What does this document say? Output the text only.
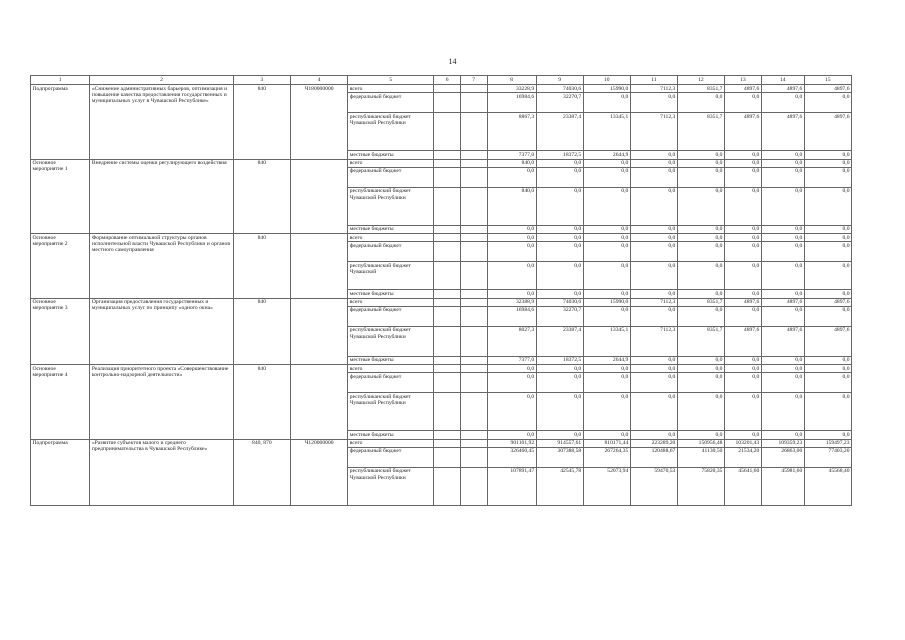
14
1	2	3	4	5	6	7	8	9	10	11	12	13	14	15
Подпрограмма	«Снижение административных барьеров, оптимизация и повышение качества предоставления государственных и муниципальных услуг в Чувашской Республике»	840	Ч180000000	всего			33228,9	74030,6	15990,0	7112,3	8351,7	4897,6	4897,6	4897,6
				федеральный бюджет			16984,6	32270,7	0,0	0,0	0,0	0,0	0,0	0,0
				республиканский бюджет Чувашской Республики			8867,3	23387,4	13345,1	7112,3	8351,7	4897,6	4897,6	4897,6
				местные бюджеты			7377,0	18372,5	2644,9	0,0	0,0	0,0	0,0	0,0
Основное мероприятие 1	Внедрение системы оценки регулирующего воздействия	840		всего			840,0	0,0	0,0	0,0	0,0	0,0	0,0	0,0
				федеральный бюджет			0,0	0,0	0,0	0,0	0,0	0,0	0,0	0,0
				республиканский бюджет Чувашской Республики			840,0	0,0	0,0	0,0	0,0	0,0	0,0	0,0
				местные бюджеты			0,0	0,0	0,0	0,0	0,0	0,0	0,0	0,0
Основное мероприятие 2	Формирование оптимальной структуры органов исполнительной власти Чувашской Республики и органов местного самоуправления	840		всего			0,0	0,0	0,0	0,0	0,0	0,0	0,0	0,0
				федеральный бюджет			0,0	0,0	0,0	0,0	0,0	0,0	0,0	0,0
				республиканский бюджет Чувашской			0,0	0,0	0,0	0,0	0,0	0,0	0,0	0,0
				местные бюджеты			0,0	0,0	0,0	0,0	0,0	0,0	0,0	0,0
Основное мероприятие 3	Организация предоставления государственных и муниципальных услуг по принципу «одного окна»	840		всего			32388,9	74030,6	15990,0	7112,3	8351,7	4897,6	4897,6	4897,6
				федеральный бюджет			16984,6	32270,7	0,0	0,0	0,0	0,0	0,0	0,0
				республиканский бюджет Чувашской Республики			8027,3	23387,4	13345,1	7112,3	8351,7	4897,6	4897,6	4897,6
				местные бюджеты			7377,0	18372,5	2644,9	0,0	0,0	0,0	0,0	0,0
Основное мероприятие 4	Реализация приоритетного проекта «Совершенствование контрольно-надзорной деятельности»	840		всего			0,0	0,0	0,0	0,0	0,0	0,0	0,0	0,0
				федеральный бюджет			0,0	0,0	0,0	0,0	0,0	0,0	0,0	0,0
				республиканский бюджет Чувашской Республики			0,0	0,0	0,0	0,0	0,0	0,0	0,0	0,0
				местные бюджеты			0,0	0,0	0,0	0,0	0,0	0,0	0,0	0,0
Подпрограмма	«Развитие субъектов малого и среднего предпринимательства в Чувашской Республике»	840, 870	Ч120000000	всего			901101,92	914557,61	810171,44	223289,20	150956,48	103201,43	109359,23	159497,23
				федеральный бюджет			326460,45	307388,58	267264,35	120488,67	41130,50	21534,20	26863,00	77403,20
				республиканский бюджет Чувашской Республики			107891,47	42545,78	52073,94	59470,53	75820,35	45641,60	45981,60	45568,40
